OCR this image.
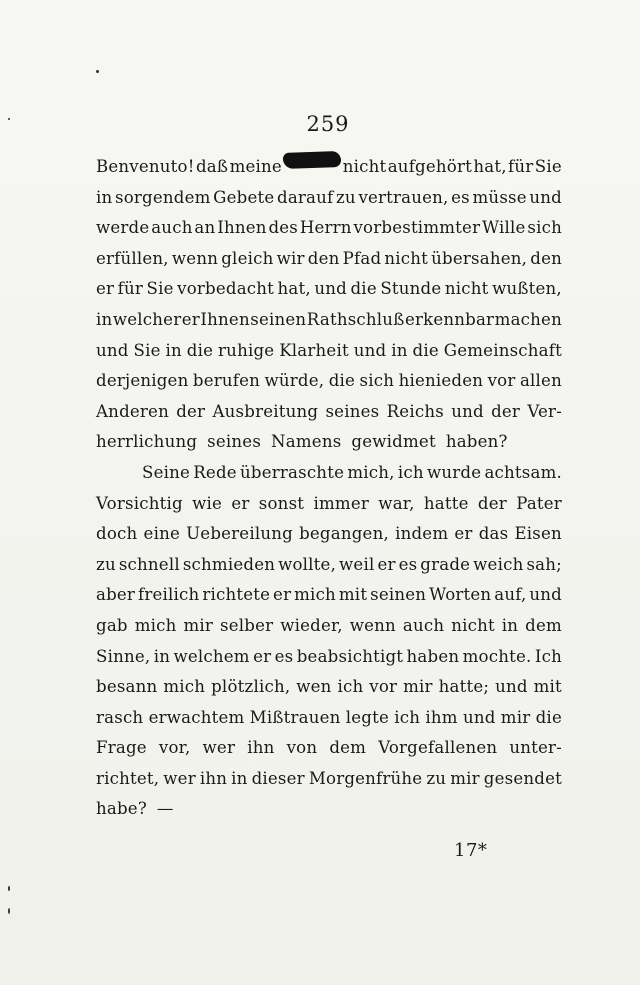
259
Benvenuto! daß meine	nicht aufgehört hat, für Sie
in sorgendem Gebete darauf zu vertrauen, es müsse und
werde auch an Ihnen des Herrn vorbestimmter Wille sich
erfüllen, wenn gleich wir den Pfad nicht übersahen, den
er für Sie vorbedacht hat, und die Stunde nicht wußten,
in welcher er Ihnen seinen Rathschluß erkennbar machen
und Sie in die ruhige Klarheit und in die Gemeinschaft
derjenigen berufen würde, die sich hienieden vor allen
Anderen der Ausbreitung seines Reichs und der Ver-
herrlichung seines Namens gewidmet haben?
Seine Rede überraschte mich, ich wurde achtsam.
Vorsichtig wie er sonst immer war, hatte der Pater
doch eine Uebereilung begangen, indem er das Eisen
zu schnell schmieden wollte, weil er es grade weich sah;
aber freilich richtete er mich mit seinen Worten auf, und
gab mich mir selber wieder, wenn auch nicht in dem
Sinne, in welchem er es beabsichtigt haben mochte. Ich
besann mich plötzlich, wen ich vor mir hatte; und mit
rasch erwachtem Mißtrauen legte ich ihm und mir die
Frage vor, wer ihn von dem Vorgefallenen unter-
richtet, wer ihn in dieser Morgenfrühe zu mir gesendet
habe? —
17*
